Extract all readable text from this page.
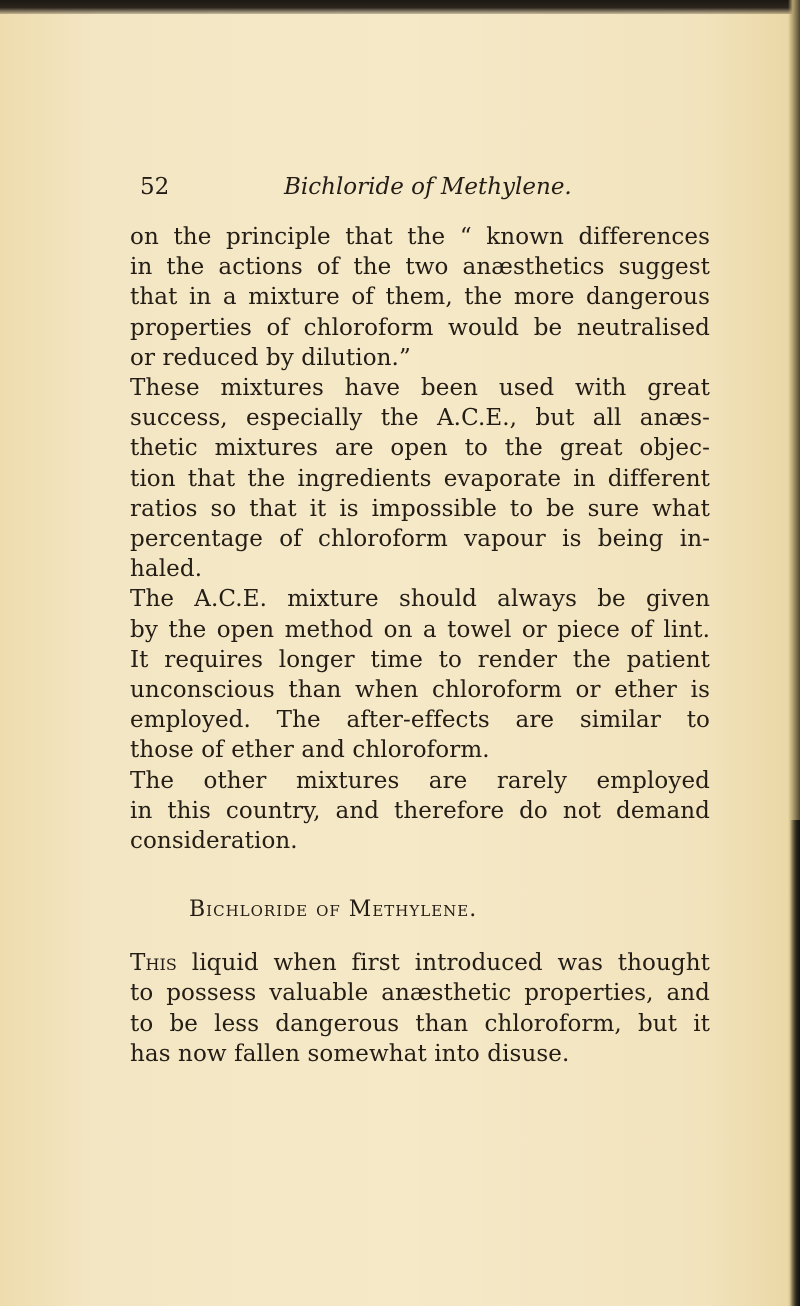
52	Bichloride of Methylene.
on the principle that the “ known differences
in the actions of the two anæsthetics suggest
that in a mixture of them, the more dangerous
properties of chloroform would be neutralised
or reduced by dilution.”
These mixtures have been used with great
success, especially the A.C.E., but all anæs-
thetic mixtures are open to the great objec-
tion that the ingredients evaporate in different
ratios so that it is impossible to be sure what
percentage of chloroform vapour is being in-
haled.
The A.C.E. mixture should always be given
by the open method on a towel or piece of lint.
It requires longer time to render the patient
unconscious than when chloroform or ether is
employed. The after-effects are similar to
those of ether and chloroform.
The other mixtures are rarely employed
in this country, and therefore do not demand
consideration.
Bichloride of Methylene.
This liquid when first introduced was thought
to possess valuable anæsthetic properties, and
to be less dangerous than chloroform, but it
has now fallen somewhat into disuse.
